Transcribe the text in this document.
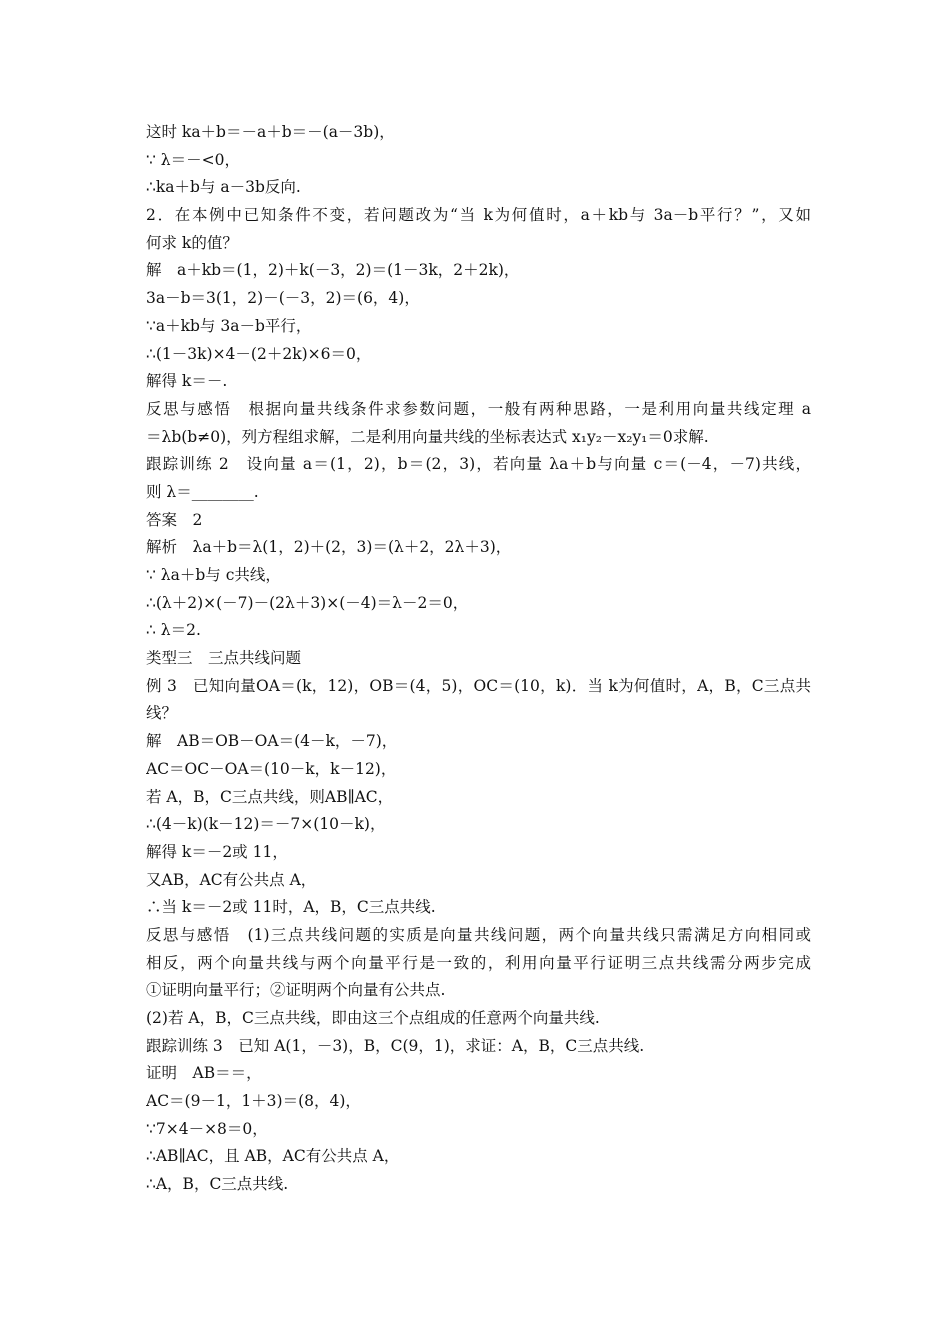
这时 ka＋b＝－a＋b＝－(a－3b)，
∵ λ＝－<0，
∴ka＋b与 a－3b反向.
2．在本例中已知条件不变，若问题改为“当 k为何值时，a＋kb与 3a－b平行？”，又如
何求 k的值？
解　a＋kb＝(1，2)＋k(－3，2)＝(1－3k，2＋2k)，
3a－b＝3(1，2)－(－3，2)＝(6，4)，
∵a＋kb与 3a－b平行，
∴(1－3k)×4－(2＋2k)×6＝0，
解得 k＝－.
反思与感悟　根据向量共线条件求参数问题，一般有两种思路，一是利用向量共线定理 a
＝λb(b≠0)，列方程组求解，二是利用向量共线的坐标表达式 x₁y₂－x₂y₁＝0求解.
跟踪训练 2　设向量 a＝(1，2)，b＝(2，3)，若向量 λa＋b与向量 c＝(－4，－7)共线，
则 λ＝________.
答案　2
解析　λa＋b＝λ(1，2)＋(2，3)＝(λ＋2，2λ＋3)，
∵ λa＋b与 c共线，
∴(λ＋2)×(－7)－(2λ＋3)×(－4)＝λ－2＝0，
∴ λ＝2.
类型三　三点共线问题
例 3　已知向量OA＝(k，12)，OB＝(4，5)，OC＝(10，k)．当 k为何值时，A，B，C三点共
线？
解　AB＝OB－OA＝(4－k，－7)，
AC＝OC－OA＝(10－k，k－12)，
若 A，B，C三点共线，则AB∥AC，
∴(4－k)(k－12)＝－7×(10－k)，
解得 k＝－2或 11，
又AB，AC有公共点 A，
∴当 k＝－2或 11时，A，B，C三点共线.
反思与感悟　(1)三点共线问题的实质是向量共线问题，两个向量共线只需满足方向相同或
相反，两个向量共线与两个向量平行是一致的，利用向量平行证明三点共线需分两步完成
①证明向量平行；②证明两个向量有公共点.
(2)若 A，B，C三点共线，即由这三个点组成的任意两个向量共线.
跟踪训练 3　已知 A(1，－3)，B，C(9，1)，求证：A，B，C三点共线.
证明　AB＝＝，
AC＝(9－1，1＋3)＝(8，4)，
∵7×4－×8＝0，
∴AB∥AC，且 AB，AC有公共点 A，
∴A，B，C三点共线.
